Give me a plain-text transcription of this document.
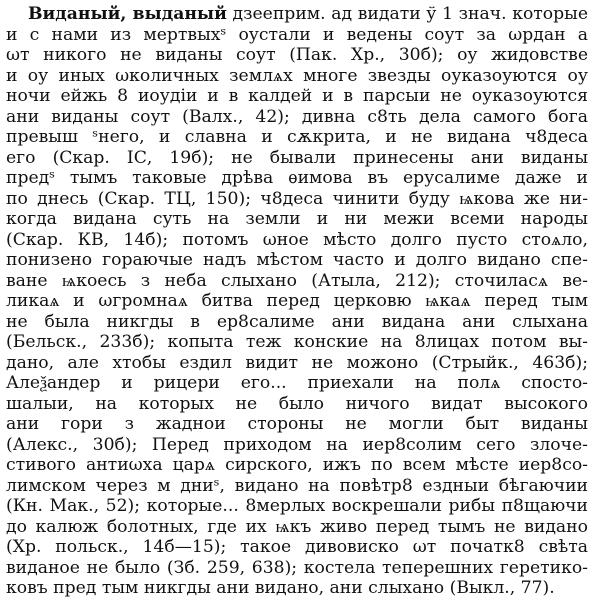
Виданый, выданый дзеeприм. ад видати ў 1 знач. которые
и с нами из мертвыхˢ оустали и ведены соут за ωрдан а
ωт никого не виданы соут (Пак. Хр., 30б); оу жидовстве
и оу иных ωколичных землѧх многе звезды оуказоуются оу
ночи ейжь 8 иоудіи и в калдей и в парсыи не оуказоуются
ани виданы соут (Валх., 42); дивна с8ть дела самого бога
превыш ˢнего, и славна и сѫкрита, и не видана ч8деса
его (Скар. ІС, 19б); не бывали принесены ани виданы
предˢ тымъ таковые дрѣва ѳимова въ ерусалиме даже и
по днесь (Скар. ТЦ, 150); ч8деса чинити буду ѩкова же ни-
когда видана суть на земли и ни межи всеми народы
(Скар. КВ, 14б); потомъ ωное мѣсто долго пусто стоѧло,
понизено гораючые надъ мѣстом часто и долго видано спе-
ване ѩкоесь з неба слыхано (Атыла, 212); сточиласѧ ве-
ликаѧ и ωгромнаѧ битва перед церковю ѩкаѧ перед тым
не была никгды в ер8салиме ани видана ани слыхана
(Бельск., 233б); копыта теж конские на 8лицах потом вы-
дано, але хтобы ездил видит не можоно (Стрыйк., 463б);
Алеѯандер и рицери его... приехали на полѧ спосто-
шалыи, на которых не было ничого видат высокого
ани гори з жаднои стороны не могли быт виданы
(Алекс., 30б); Перед приходом на иер8солим сего злоче-
стивого антиωха царѧ сирского, ижъ по всем мѣсте иер8со-
лимском через м дниˢ, видано на повѣтр8 ездныи бѣгаючии
(Кн. Мак., 52); которые... 8мерлых воскрешали рибы п8щаючи
до калюж болотных, где их ѩкъ живо перед тымъ не видано
(Хр. польск., 14б—15); такое дивовиско ωт початк8 свѣта
виданое не было (Зб. 259, 638); костела теперешних геретико-
ковъ пред тым никгды ани видано, ани слыхано (Выкл., 77).
